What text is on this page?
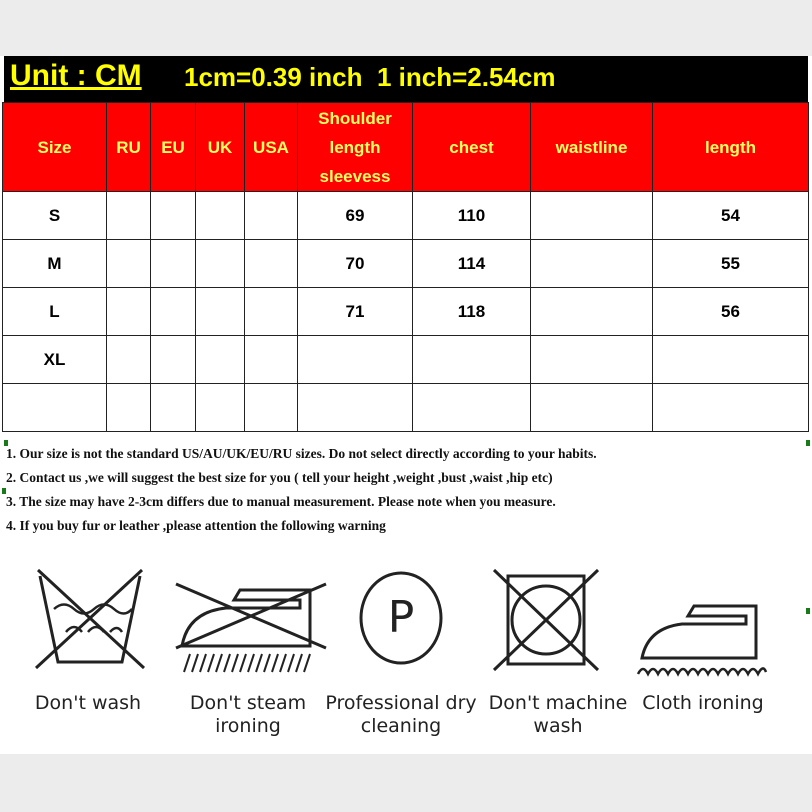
Unit : CM 1cm=0.39 inch  1 inch=2.54cm
Size	RU	EU	UK	USA	Shoulder length sleevess	chest	waistline	length
S					69	110		54
M					70	114		55
L					71	118		56
XL								

1. Our size is not the standard US/AU/UK/EU/RU sizes. Do not select directly according to your habits.
2. Contact us ,we will suggest the best size for you ( tell your height ,weight ,bust ,waist ,hip etc)
3. The size may have 2-3cm differs due to manual measurement. Please note when you measure.
4. If you buy fur or leather ,please attention the following warning
P
Don't wash	Don't steam
ironing
Professional dry
cleaning
Don't machine
wash
Cloth ironing
